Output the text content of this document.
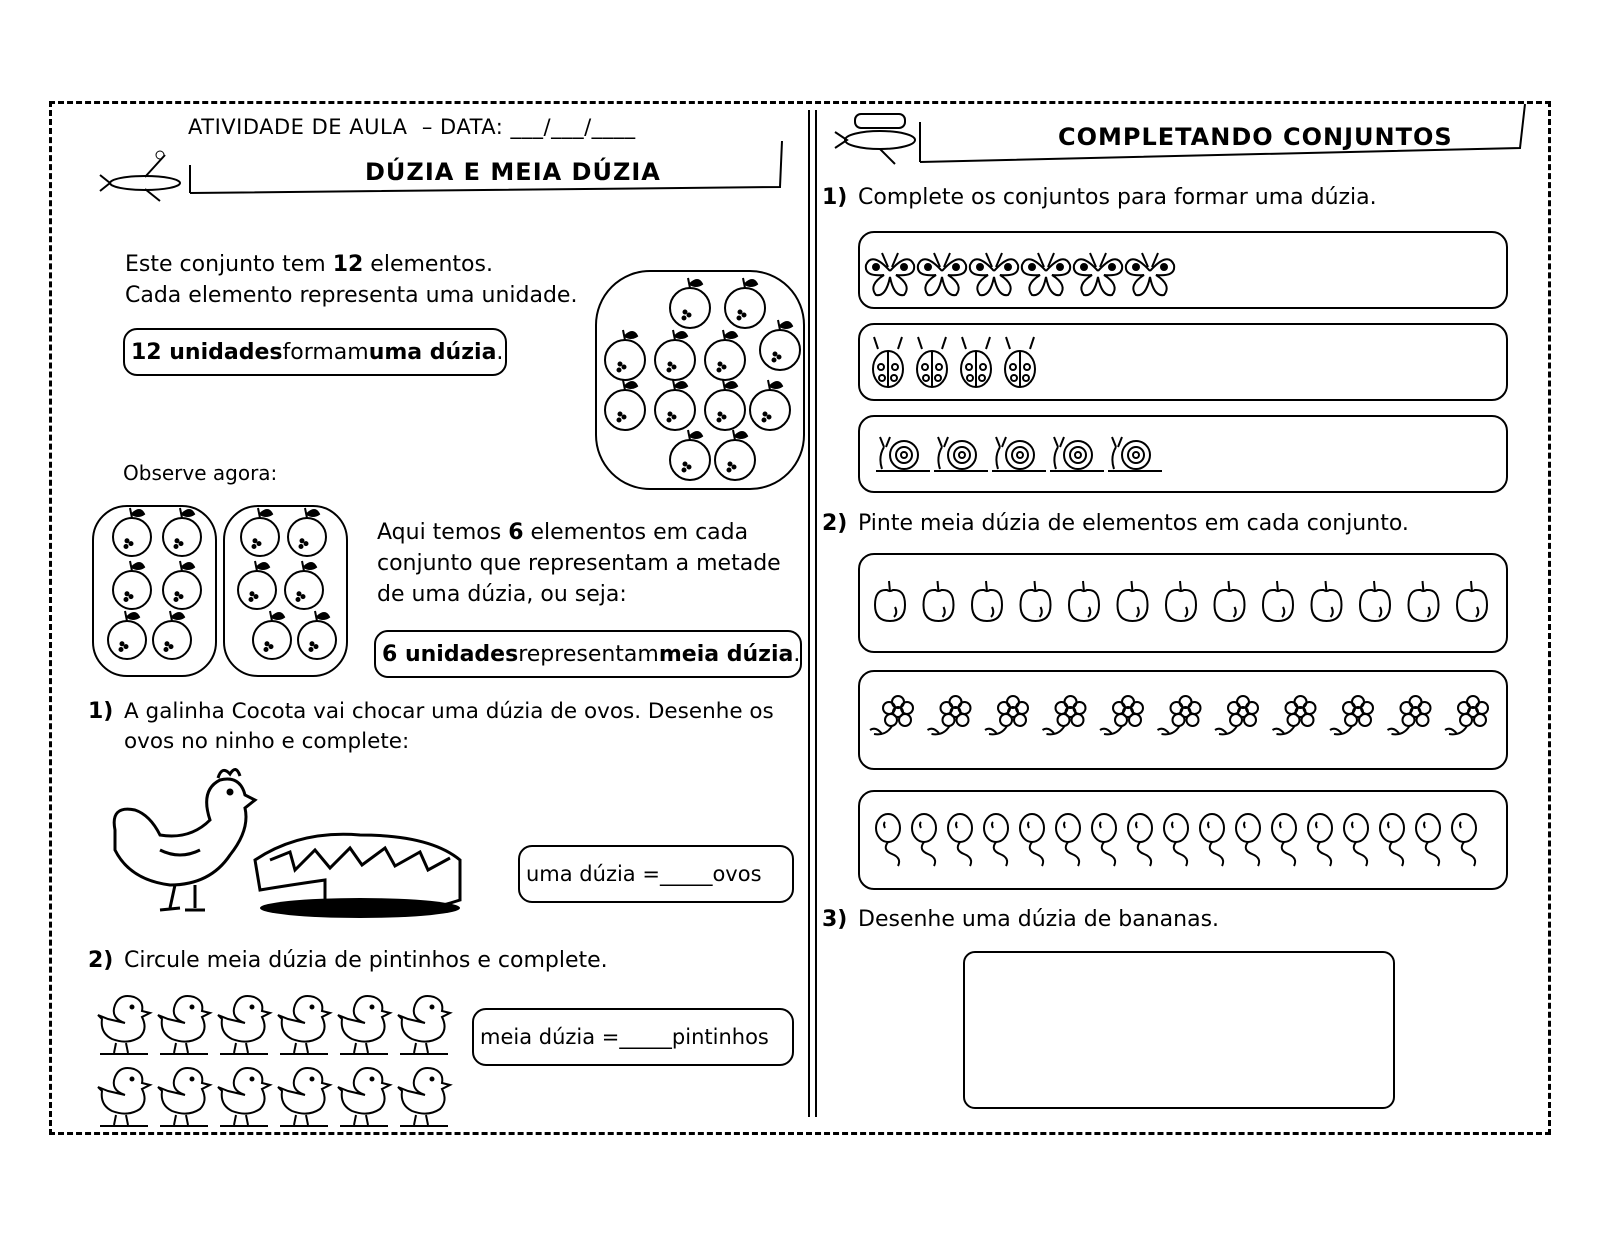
ATIVIDADE DE AULA – DATA: ___/___/____
DÚZIA E MEIA DÚZIA
Este conjunto tem 12 elementos.
Cada elemento representa uma unidade.
12 unidades formam uma dúzia .
Observe agora:
Aqui temos 6 elementos em cada
conjunto que representam a metade
de uma dúzia, ou seja:
6 unidades representam meia dúzia .
1) A galinha Cocota vai chocar uma dúzia de ovos. Desenhe os
ovos no ninho e complete:
uma dúzia = _____ ovos
2) Circule meia dúzia de pintinhos e complete.
meia dúzia = _____ pintinhos
COMPLETANDO CONJUNTOS
1) Complete os conjuntos para formar uma dúzia.
2) Pinte meia dúzia de elementos em cada conjunto.
3) Desenhe uma dúzia de bananas.
